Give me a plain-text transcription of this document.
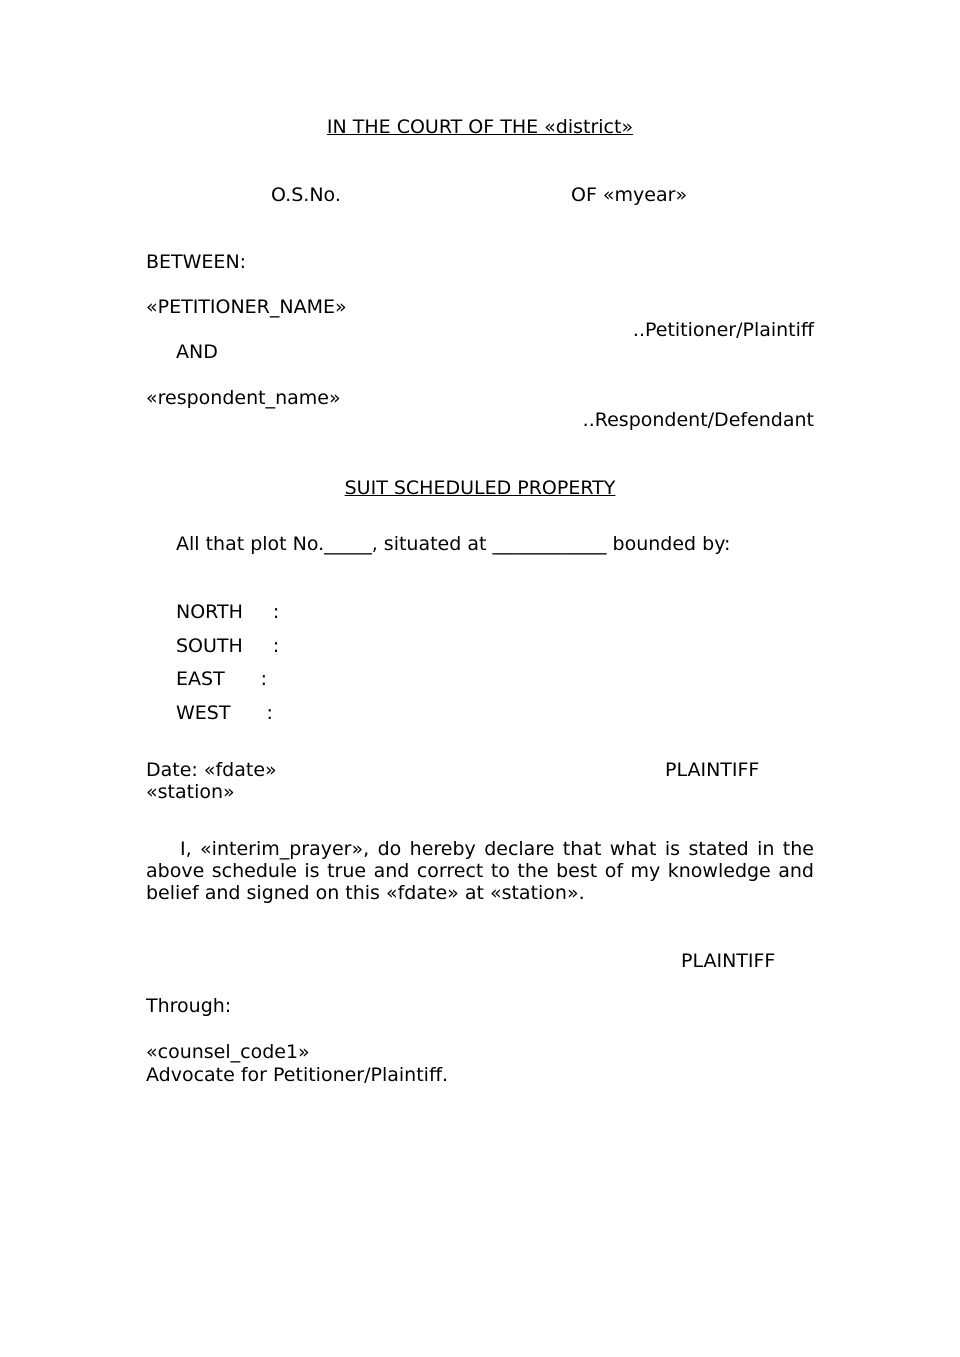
IN THE COURT OF THE «district»
O.S.No.	OF «myear»
BETWEEN:
«PETITIONER_NAME»
..Petitioner/Plaintiff
AND
«respondent_name»
..Respondent/Defendant
SUIT SCHEDULED PROPERTY
All that plot No._____, situated at ____________ bounded by:
NORTH :
SOUTH :
EAST :
WEST :
Date: «fdate»
«station»
PLAINTIFF
I, «interim_prayer», do hereby declare that what is stated in the above schedule is true and correct to the best of my knowledge and belief and signed on this «fdate» at «station».
PLAINTIFF
Through:
«counsel_code1»
Advocate for Petitioner/Plaintiff.
